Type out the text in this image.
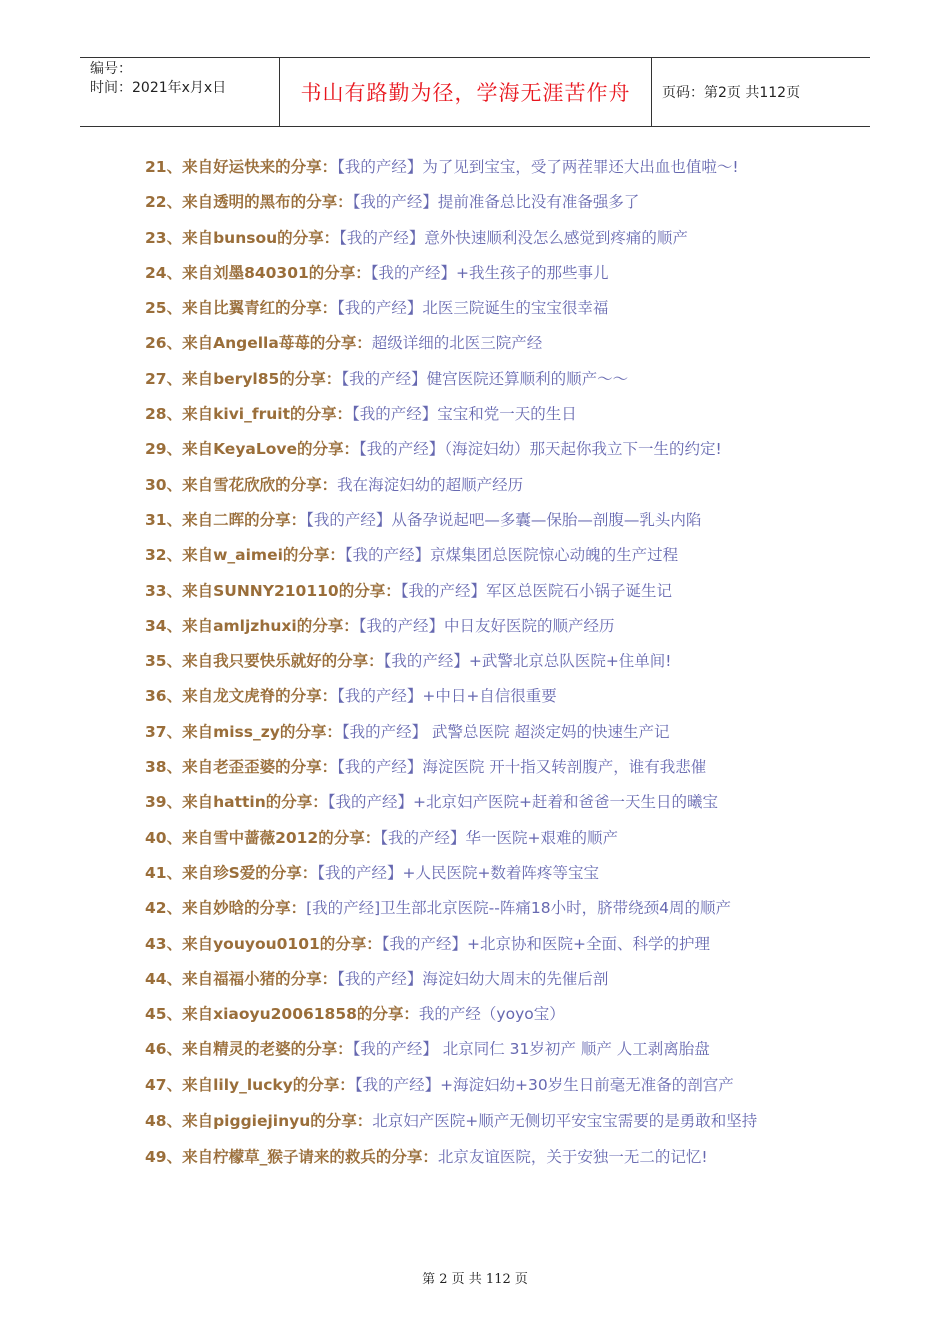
编号：
时间：2021年x月x日	书山有路勤为径，学海无涯苦作舟	页码：第2页 共112页
21、来自好运快来的分享：【我的产经】为了见到宝宝，受了两茬罪还大出血也值啦～!
22、来自透明的黑布的分享：【我的产经】提前准备总比没有准备强多了
23、来自bunsou的分享：【我的产经】意外快速顺利没怎么感觉到疼痛的顺产
24、来自刘墨840301的分享：【我的产经】+我生孩子的那些事儿
25、来自比翼青红的分享：【我的产经】北医三院诞生的宝宝很幸福
26、来自Angella苺苺的分享：超级详细的北医三院产经
27、来自beryl85的分享：【我的产经】健宫医院还算顺利的顺产～～
28、来自kivi_fruit的分享：【我的产经】宝宝和党一天的生日
29、来自KeyaLove的分享：【我的产经】（海淀妇幼）那天起你我立下一生的约定!
30、来自雪花欣欣的分享：我在海淀妇幼的超顺产经历
31、来自二晖的分享：【我的产经】从备孕说起吧—多囊—保胎—剖腹—乳头内陷
32、来自w_aimei的分享：【我的产经】京煤集团总医院惊心动魄的生产过程
33、来自SUNNY210110的分享：【我的产经】军区总医院石小锅子诞生记
34、来自amljzhuxi的分享：【我的产经】中日友好医院的顺产经历
35、来自我只要快乐就好的分享：【我的产经】+武警北京总队医院+住单间!
36、来自龙文虎脊的分享：【我的产经】+中日+自信很重要
37、来自miss_zy的分享：【我的产经】 武警总医院 超淡定妈的快速生产记
38、来自老歪歪婆的分享：【我的产经】海淀医院 开十指又转剖腹产，谁有我悲催
39、来自hattin的分享：【我的产经】+北京妇产医院+赶着和爸爸一天生日的曦宝
40、来自雪中蔷薇2012的分享：【我的产经】华一医院+艰难的顺产
41、来自珍S爱的分享：【我的产经】+人民医院+数着阵疼等宝宝
42、来自妙晗的分享：[我的产经]卫生部北京医院--阵痛18小时，脐带绕颈4周的顺产
43、来自youyou0101的分享：【我的产经】+北京协和医院+全面、科学的护理
44、来自福福小猪的分享：【我的产经】海淀妇幼大周末的先催后剖
45、来自xiaoyu20061858的分享：我的产经（yoyo宝）
46、来自精灵的老婆的分享：【我的产经】 北京同仁 31岁初产 顺产 人工剥离胎盘
47、来自lily_lucky的分享：【我的产经】+海淀妇幼+30岁生日前毫无准备的剖宫产
48、来自piggiejinyu的分享：北京妇产医院+顺产无侧切平安宝宝需要的是勇敢和坚持
49、来自柠檬草_猴子请来的救兵的分享：北京友谊医院，关于安独一无二的记忆!
第 2 页 共 112 页
